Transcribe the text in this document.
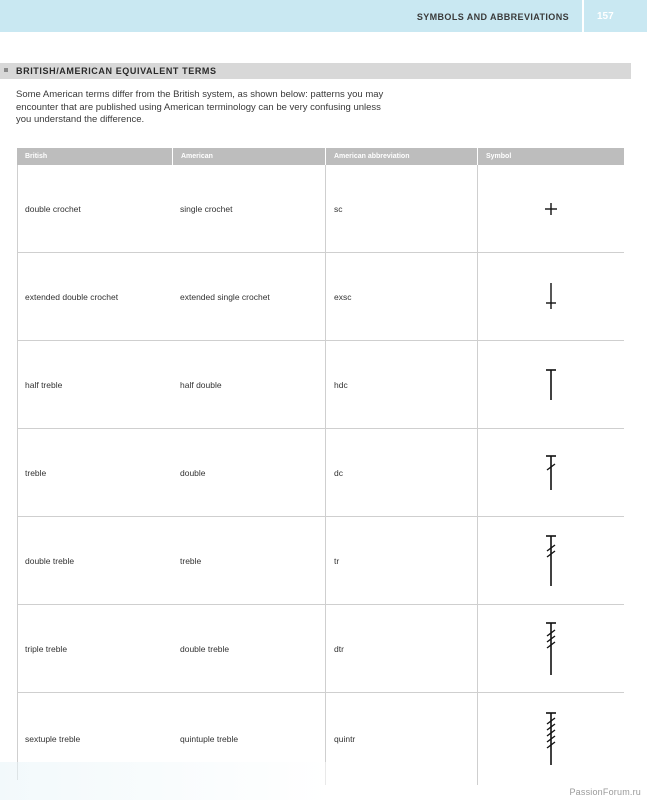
SYMBOLS AND ABBREVIATIONS	157
BRITISH/AMERICAN EQUIVALENT TERMS

Some American terms differ from the British system, as shown below: patterns you may encounter that are published using American terminology can be very confusing unless you understand the difference.

British	American	American abbreviation	Symbol
double crochet	single crochet	sc
extended double crochet	extended single crochet	exsc
half treble	half double	hdc
treble	double	dc
double treble	treble	tr
triple treble	double treble	dtr
sextuple treble	quintuple treble	quintr
PassionForum.ru
